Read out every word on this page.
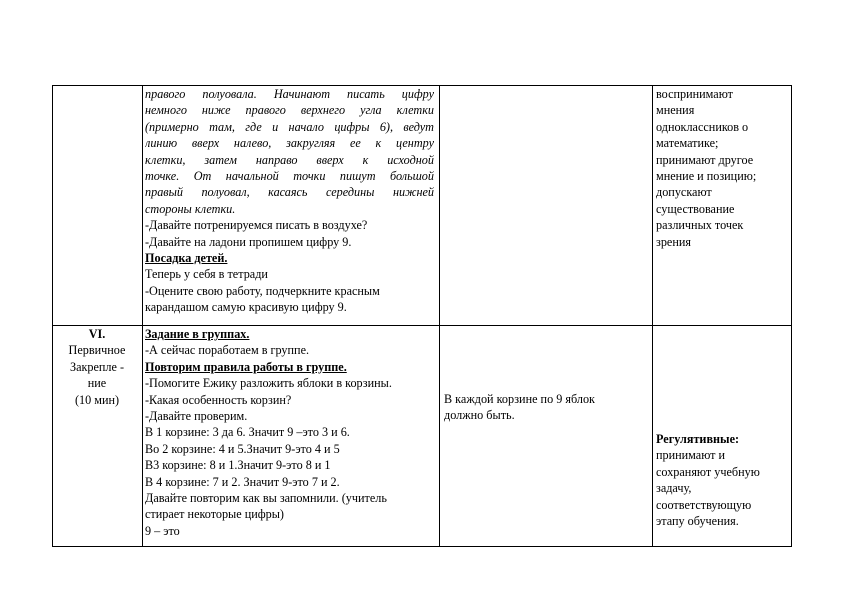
правого полуовала. Начинают писать цифру

немного ниже правого верхнего угла клетки

(примерно там, где и начало цифры 6), ведут

линию вверх налево, закругляя ее к центру

клетки, затем направо вверх к исходной

точке. От начальной точки пишут большой

правый полуовал, касаясь середины нижней

стороны клетки.

-Давайте потренируемся писать в воздухе?

-Давайте на ладони пропишем цифру 9.

Посадка детей.

Теперь у себя в тетради

-Оцените свою работу, подчеркните красным

карандашом самую красивую цифру 9.

воспринимают

мнения

одноклассников о

математике;

принимают другое

мнение и позицию;

допускают

существование

различных точек

зрения

VI.

Первичное

Закрепле -

ние

(10 мин)

Задание в группах.

-А сейчас поработаем в группе.

Повторим правила работы в группе.

-Помогите Ежику разложить яблоки в корзины.

-Какая особенность корзин?

-Давайте проверим.

В 1 корзине: 3 да 6. Значит 9 –это 3 и 6.

Во 2 корзине: 4 и 5.Значит 9-это 4 и 5

В3 корзине: 8 и 1.Значит 9-это 8 и 1

В 4 корзине: 7 и 2. Значит 9-это 7 и 2.

Давайте повторим как вы запомнили. (учитель

стирает некоторые цифры)

9 – это

В каждой корзине по 9 яблок

должно быть.

Регулятивные:

принимают и

сохраняют учебную

задачу,

соответствующую

этапу обучения.
